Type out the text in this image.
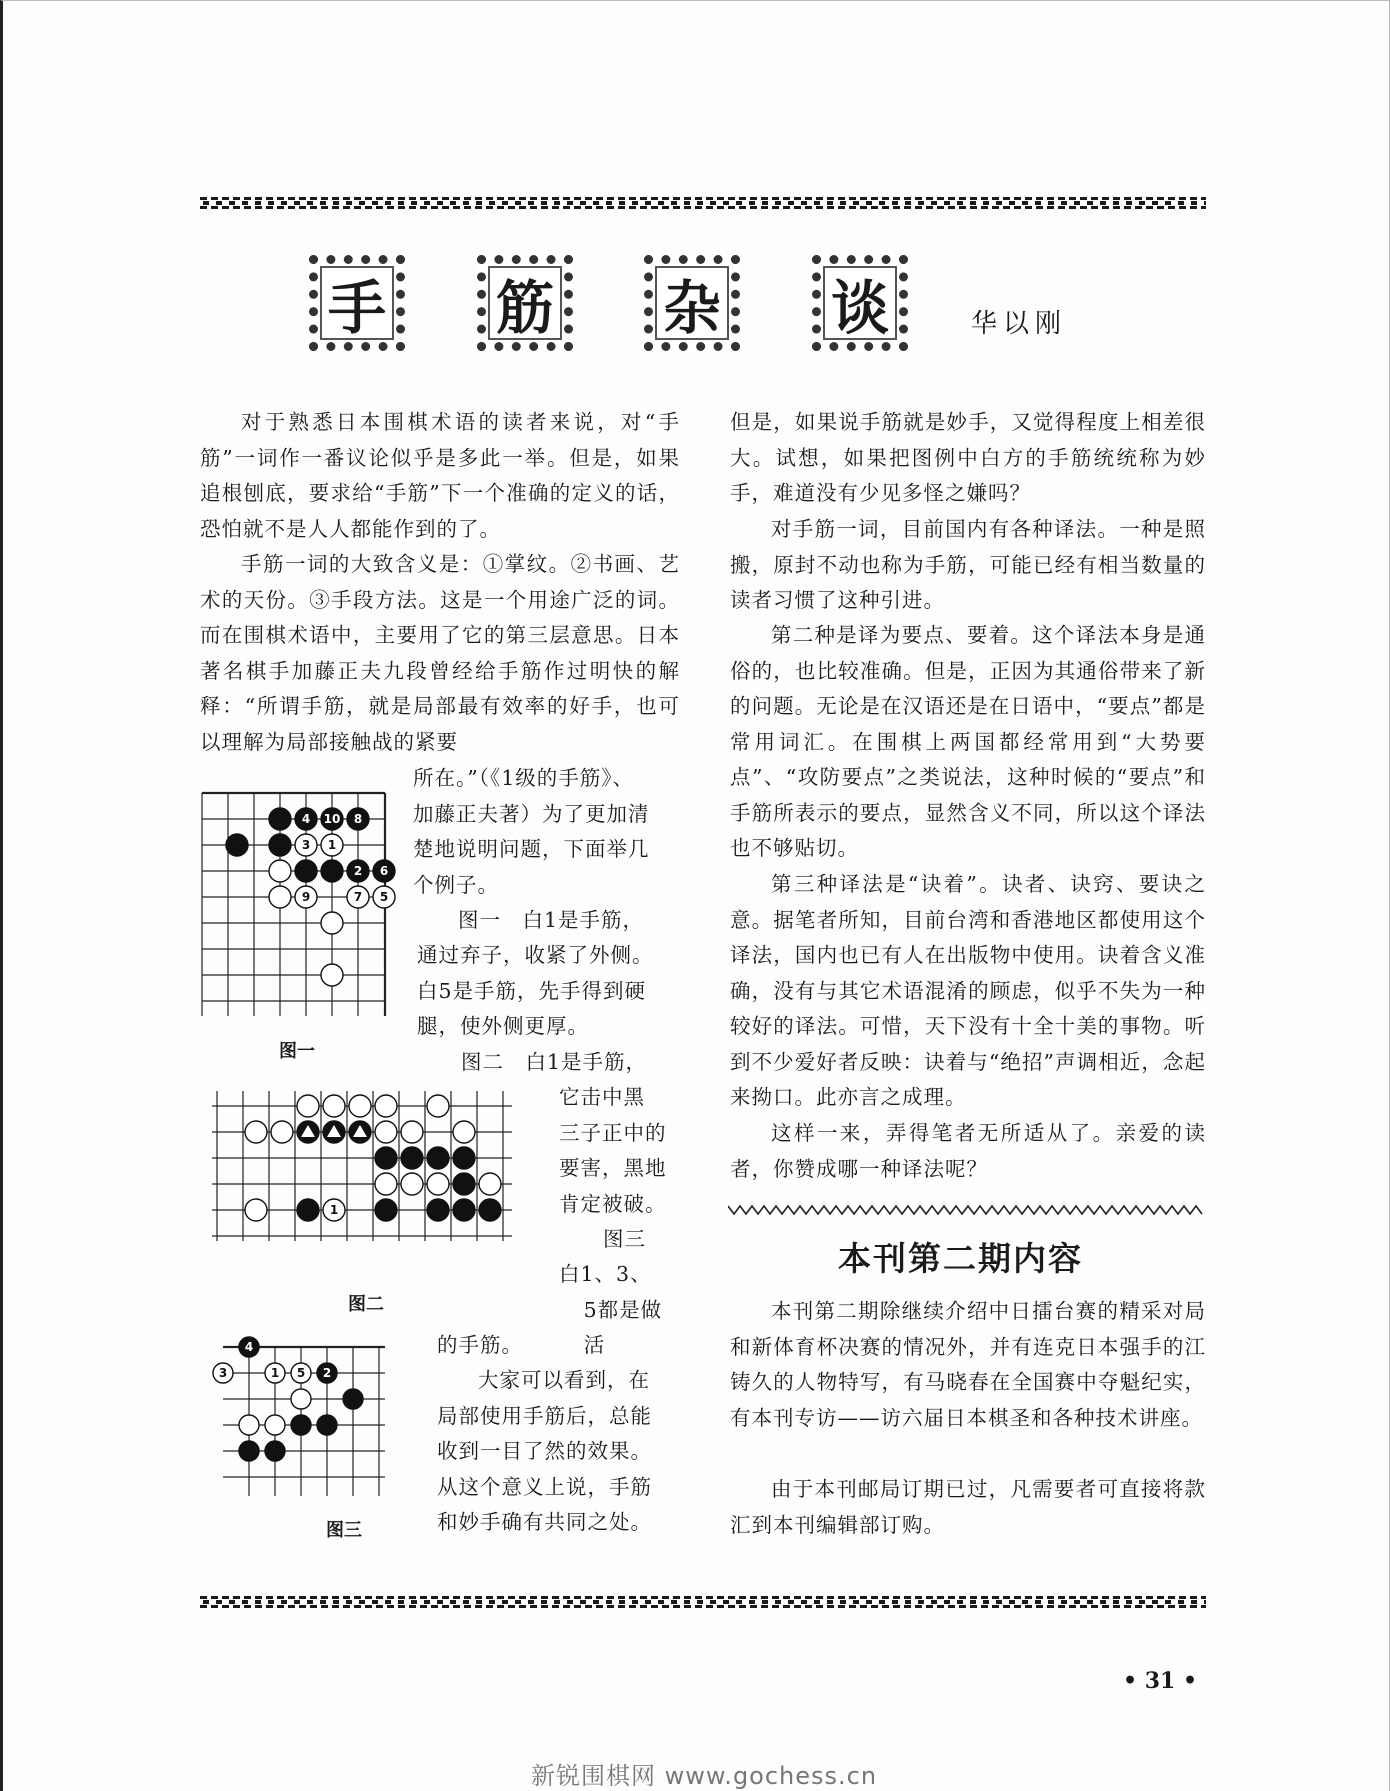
手	筋	杂	谈	华以刚

对于熟悉日本围棋术语的读者来说，对“手筋”一词作一番议论似乎是多此一举。但是，如果追根刨底，要求给“手筋”下一个准确的定义的话，恐怕就不是人人都能作到的了。

手筋一词的大致含义是：①掌纹。②书画、艺术的天份。③手段方法。这是一个用途广泛的词。而在围棋术语中，主要用了它的第三层意思。日本著名棋手加藤正夫九段曾经给手筋作过明快的解释：“所谓手筋，就是局部最有效率的好手，也可以理解为局部接触战的紧要

所在。”（《1级的手筋》、
加藤正夫著）为了更加清
楚地说明问题，下面举几
个例子。
图一　白1是手筋，
通过弃子，收紧了外侧。
白5是手筋，先手得到硬
腿，使外侧更厚。
图二　白1是手筋，
它击中黑
三子正中的
要害，黑地
肯定被破。
图三
白1、3、
5都是做活
的手筋。
大家可以看到，在
局部使用手筋后，总能
收到一目了然的效果。
从这个意义上说，手筋
和妙手确有共同之处。
4 10 8
1
3
2 6
9	7 5
图一
1
图二
4
3	1 5 2
图三

但是，如果说手筋就是妙手，又觉得程度上相差很大。试想，如果把图例中白方的手筋统统称为妙手，难道没有少见多怪之嫌吗？

对手筋一词，目前国内有各种译法。一种是照搬，原封不动也称为手筋，可能已经有相当数量的读者习惯了这种引进。

第二种是译为要点、要着。这个译法本身是通俗的，也比较准确。但是，正因为其通俗带来了新的问题。无论是在汉语还是在日语中，“要点”都是常用词汇。在围棋上两国都经常用到“大势要点”、“攻防要点”之类说法，这种时候的“要点”和手筋所表示的要点，显然含义不同，所以这个译法也不够贴切。

第三种译法是“诀着”。诀者、诀窍、要诀之意。据笔者所知，目前台湾和香港地区都使用这个译法，国内也已有人在出版物中使用。诀着含义准确，没有与其它术语混淆的顾虑，似乎不失为一种较好的译法。可惜，天下没有十全十美的事物。听到不少爱好者反映：诀着与“绝招”声调相近，念起来拗口。此亦言之成理。

这样一来，弄得笔者无所适从了。亲爱的读者，你赞成哪一种译法呢？

本刊第二期内容

本刊第二期除继续介绍中日擂台赛的精采对局和新体育杯决赛的情况外，并有连克日本强手的江铸久的人物特写，有马晓春在全国赛中夺魁纪实，有本刊专访——访六届日本棋圣和各种技术讲座。

由于本刊邮局订期已过，凡需要者可直接将款汇到本刊编辑部订购。

• 31 •
新锐围棋网 www.gochess.cn
